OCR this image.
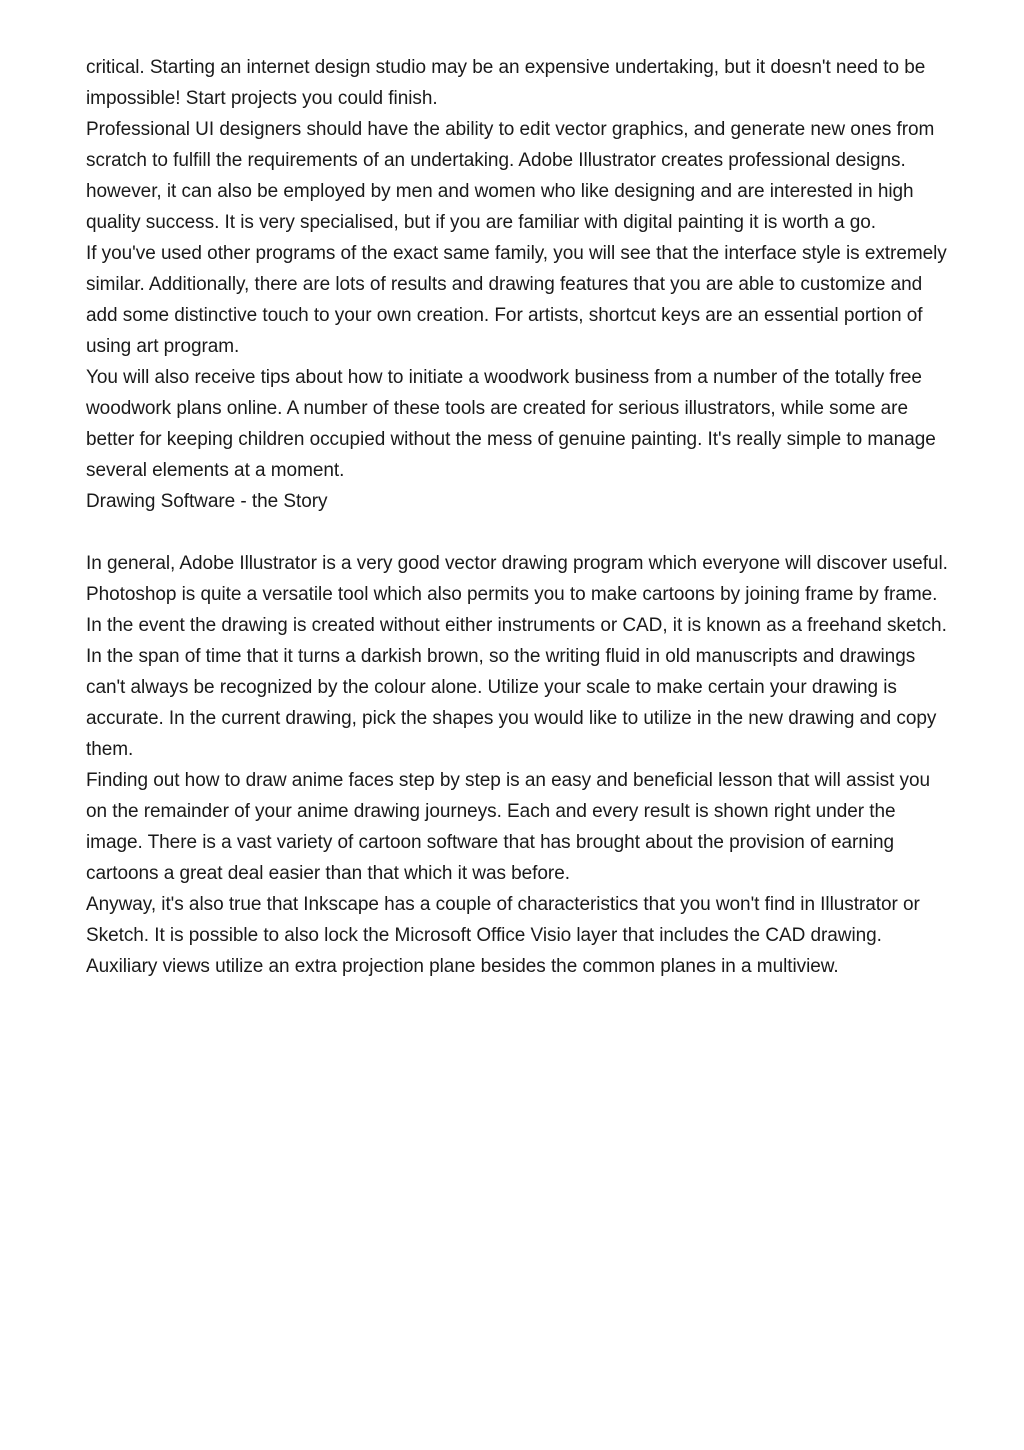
critical. Starting an internet design studio may be an expensive undertaking, but it doesn't need to be impossible! Start projects you could finish.

Professional UI designers should have the ability to edit vector graphics, and generate new ones from scratch to fulfill the requirements of an undertaking. Adobe Illustrator creates professional designs. however, it can also be employed by men and women who like designing and are interested in high quality success. It is very specialised, but if you are familiar with digital painting it is worth a go.

If you've used other programs of the exact same family, you will see that the interface style is extremely similar. Additionally, there are lots of results and drawing features that you are able to customize and add some distinctive touch to your own creation. For artists, shortcut keys are an essential portion of using art program.

You will also receive tips about how to initiate a woodwork business from a number of the totally free woodwork plans online. A number of these tools are created for serious illustrators, while some are better for keeping children occupied without the mess of genuine painting. It's really simple to manage several elements at a moment.

Drawing Software - the Story

In general, Adobe Illustrator is a very good vector drawing program which everyone will discover useful. Photoshop is quite a versatile tool which also permits you to make cartoons by joining frame by frame. In the event the drawing is created without either instruments or CAD, it is known as a freehand sketch.

In the span of time that it turns a darkish brown, so the writing fluid in old manuscripts and drawings can't always be recognized by the colour alone. Utilize your scale to make certain your drawing is accurate. In the current drawing, pick the shapes you would like to utilize in the new drawing and copy them.

Finding out how to draw anime faces step by step is an easy and beneficial lesson that will assist you on the remainder of your anime drawing journeys. Each and every result is shown right under the image. There is a vast variety of cartoon software that has brought about the provision of earning cartoons a great deal easier than that which it was before.

Anyway, it's also true that Inkscape has a couple of characteristics that you won't find in Illustrator or Sketch. It is possible to also lock the Microsoft Office Visio layer that includes the CAD drawing. Auxiliary views utilize an extra projection plane besides the common planes in a multiview.
